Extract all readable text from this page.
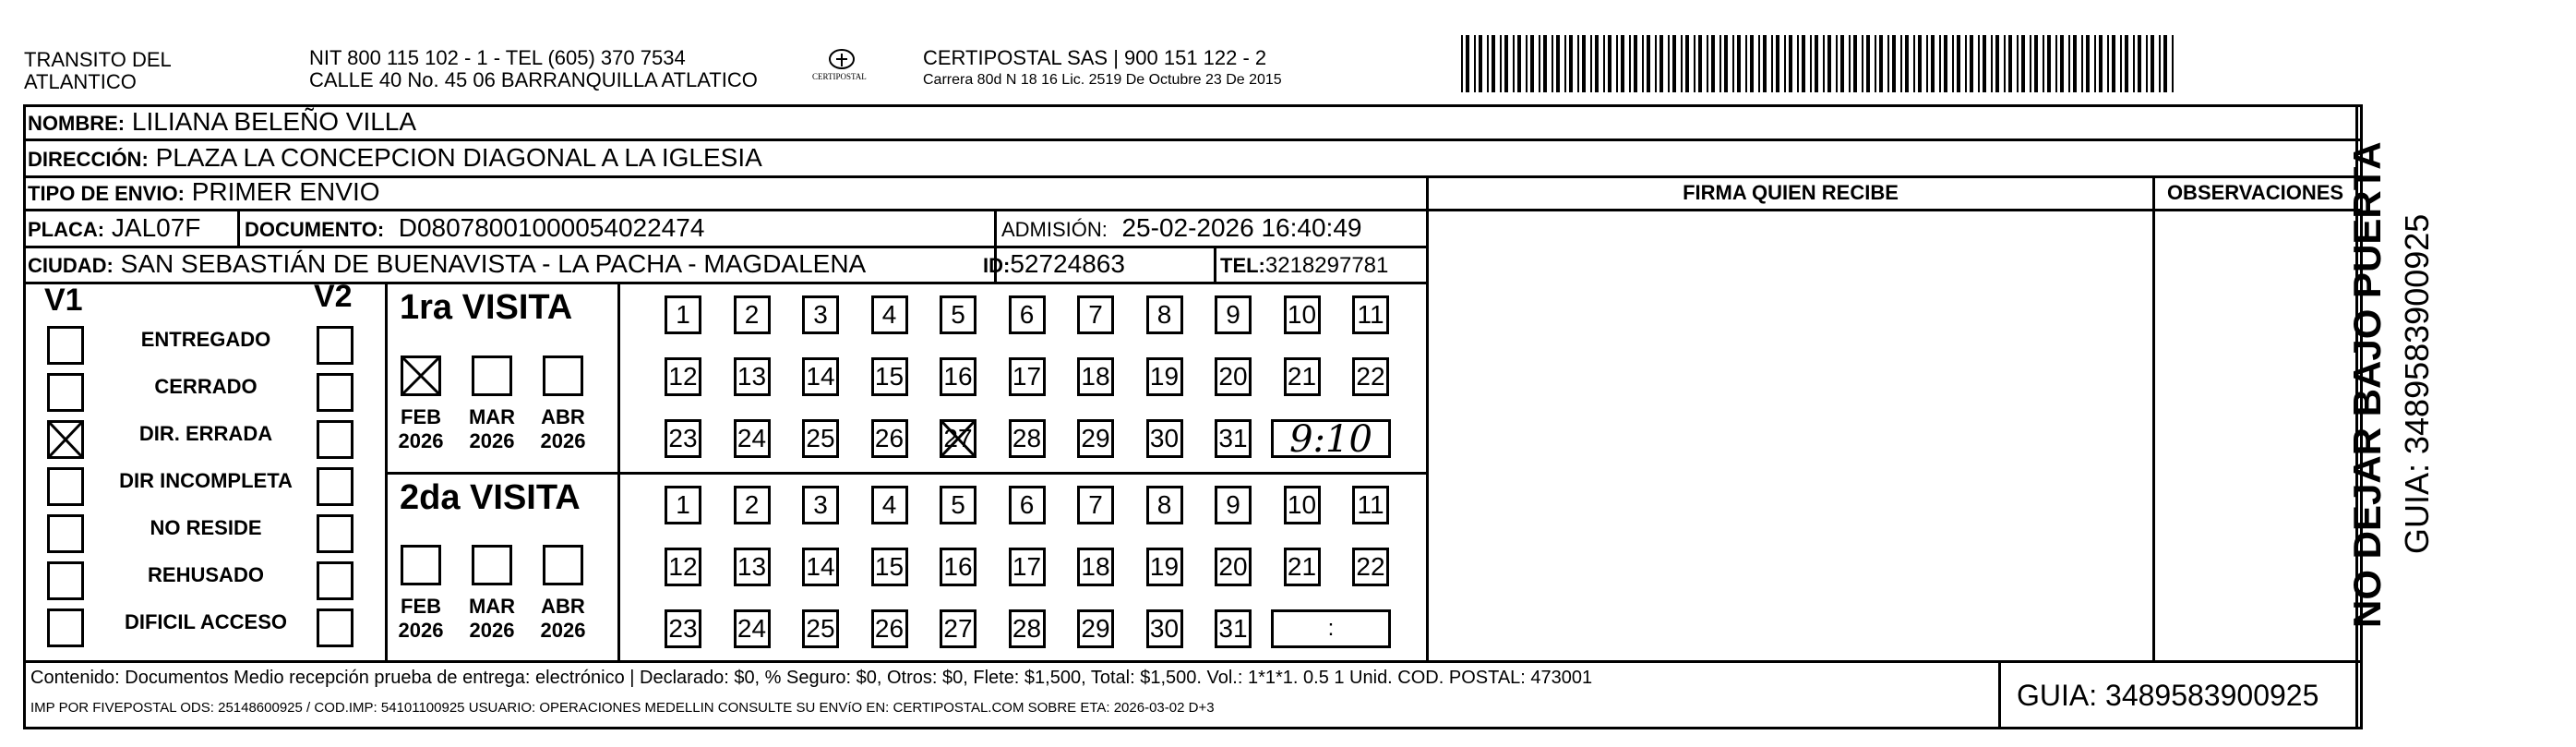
TRANSITO DEL
ATLANTICO
NIT 800 115 102 - 1 - TEL (605) 370 7534
CALLE 40 No. 45 06 BARRANQUILLA ATLATICO	CERTIPOSTAL
CERTIPOSTAL SAS | 900 151 122 - 2
Carrera 80d N 18 16 Lic. 2519 De Octubre 23 De 2015
NOMBRE: LILIANA BELEÑO VILLA
DIRECCIÓN: PLAZA LA CONCEPCION DIAGONAL A LA IGLESIA
TIPO DE ENVIO: PRIMER ENVIO
PLACA: JAL07F DOCUMENTO: D080780010000540224​74	ADMISIÓN: 25-02-2026 16:40:49
CIUDAD: SAN SEBASTIÁN DE BUENAVISTA - LA PACHA - MAGDALENA	ID:52724863	TEL:3218297781
FIRMA QUIEN RECIBE	OBSERVACIONES
V1	V2 1ra VISITA
2da VISITA
Contenido: Documentos Medio recepción prueba de entrega: electrónico | Declarado: $0, % Seguro: $0, Otros: $0, Flete: $1,500, Total: $1,500. Vol.: 1*1*1. 0.5 1 Unid. COD. POSTAL: 473001
IMP POR FIVEPOSTAL ODS: 25148600925 / COD.IMP: 54101100925 USUARIO: OPERACIONES MEDELLIN CONSULTE SU ENVíO EN: CERTIPOSTAL.COM SOBRE ETA: 2026-03-02 D+3	GUIA: 3489583900925
NO DEJAR BAJO PUERTA GUIA: 3489583900925
ENTREGADO
CERRADO
DIR. ERRADA
DIR INCOMPLETA
NO RESIDE
REHUSADO
DIFICIL ACCESO
FEB
2026
MAR
2026
ABR
2026
FEB
2026
MAR
2026
ABR
2026
1	2	3	4	5	6	7	8	9	10 11
12 13 14 15 16 17 18 19 20 21 22
23 24 25 26 27 28 29 30 31	9:10
1	2	3	4	5	6	7	8	9	10 11
12 13 14 15 16 17 18 19 20 21 22
23 24 25 26 27 28 29 30 31	:
